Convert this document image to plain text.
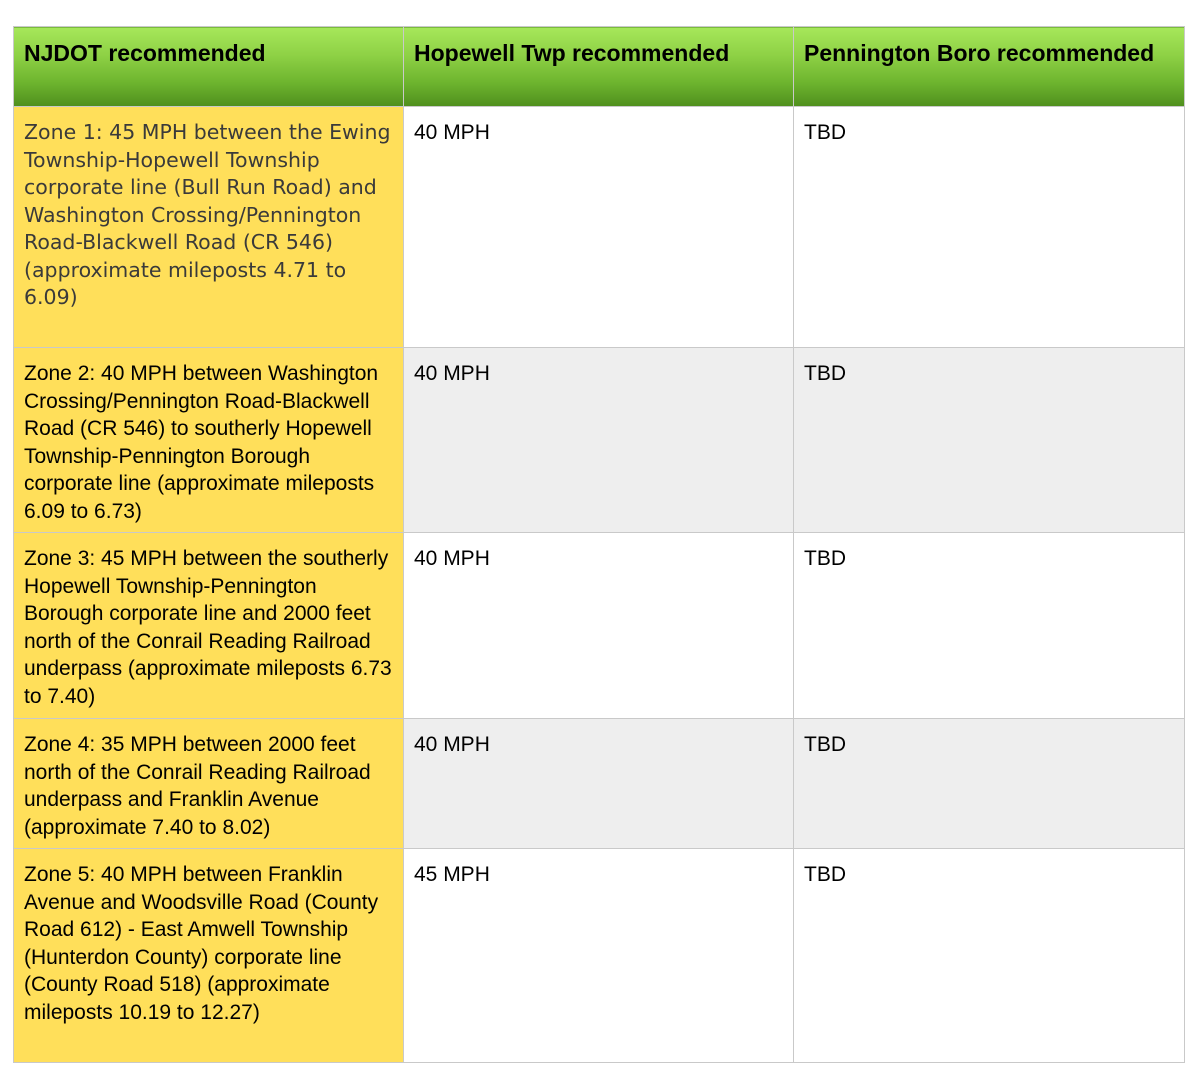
NJDOT recommended	Hopewell Twp recommended	Pennington Boro recommended
Zone 1: 45 MPH between the Ewing Township-Hopewell Township corporate line (Bull Run Road) and Washington Crossing/Pennington Road-Blackwell Road (CR 546) (approximate mileposts 4.71 to 6.09)	40 MPH	TBD
Zone 2: 40 MPH between Washington Crossing/Pennington Road-Blackwell Road (CR 546) to southerly Hopewell Township-Pennington Borough corporate line (approximate mileposts 6.09 to 6.73)	40 MPH	TBD
Zone 3: 45 MPH between the southerly Hopewell Township-Pennington Borough corporate line and 2000 feet north of the Conrail Reading Railroad underpass (approximate mileposts 6.73 to 7.40)	40 MPH	TBD
Zone 4: 35 MPH between 2000 feet north of the Conrail Reading Railroad underpass and Franklin Avenue (approximate 7.40 to 8.02)	40 MPH	TBD
Zone 5: 40 MPH between Franklin Avenue and Woodsville Road (County Road 612) - East Amwell Township (Hunterdon County) corporate line (County Road 518) (approximate mileposts 10.19 to 12.27)	45 MPH	TBD
